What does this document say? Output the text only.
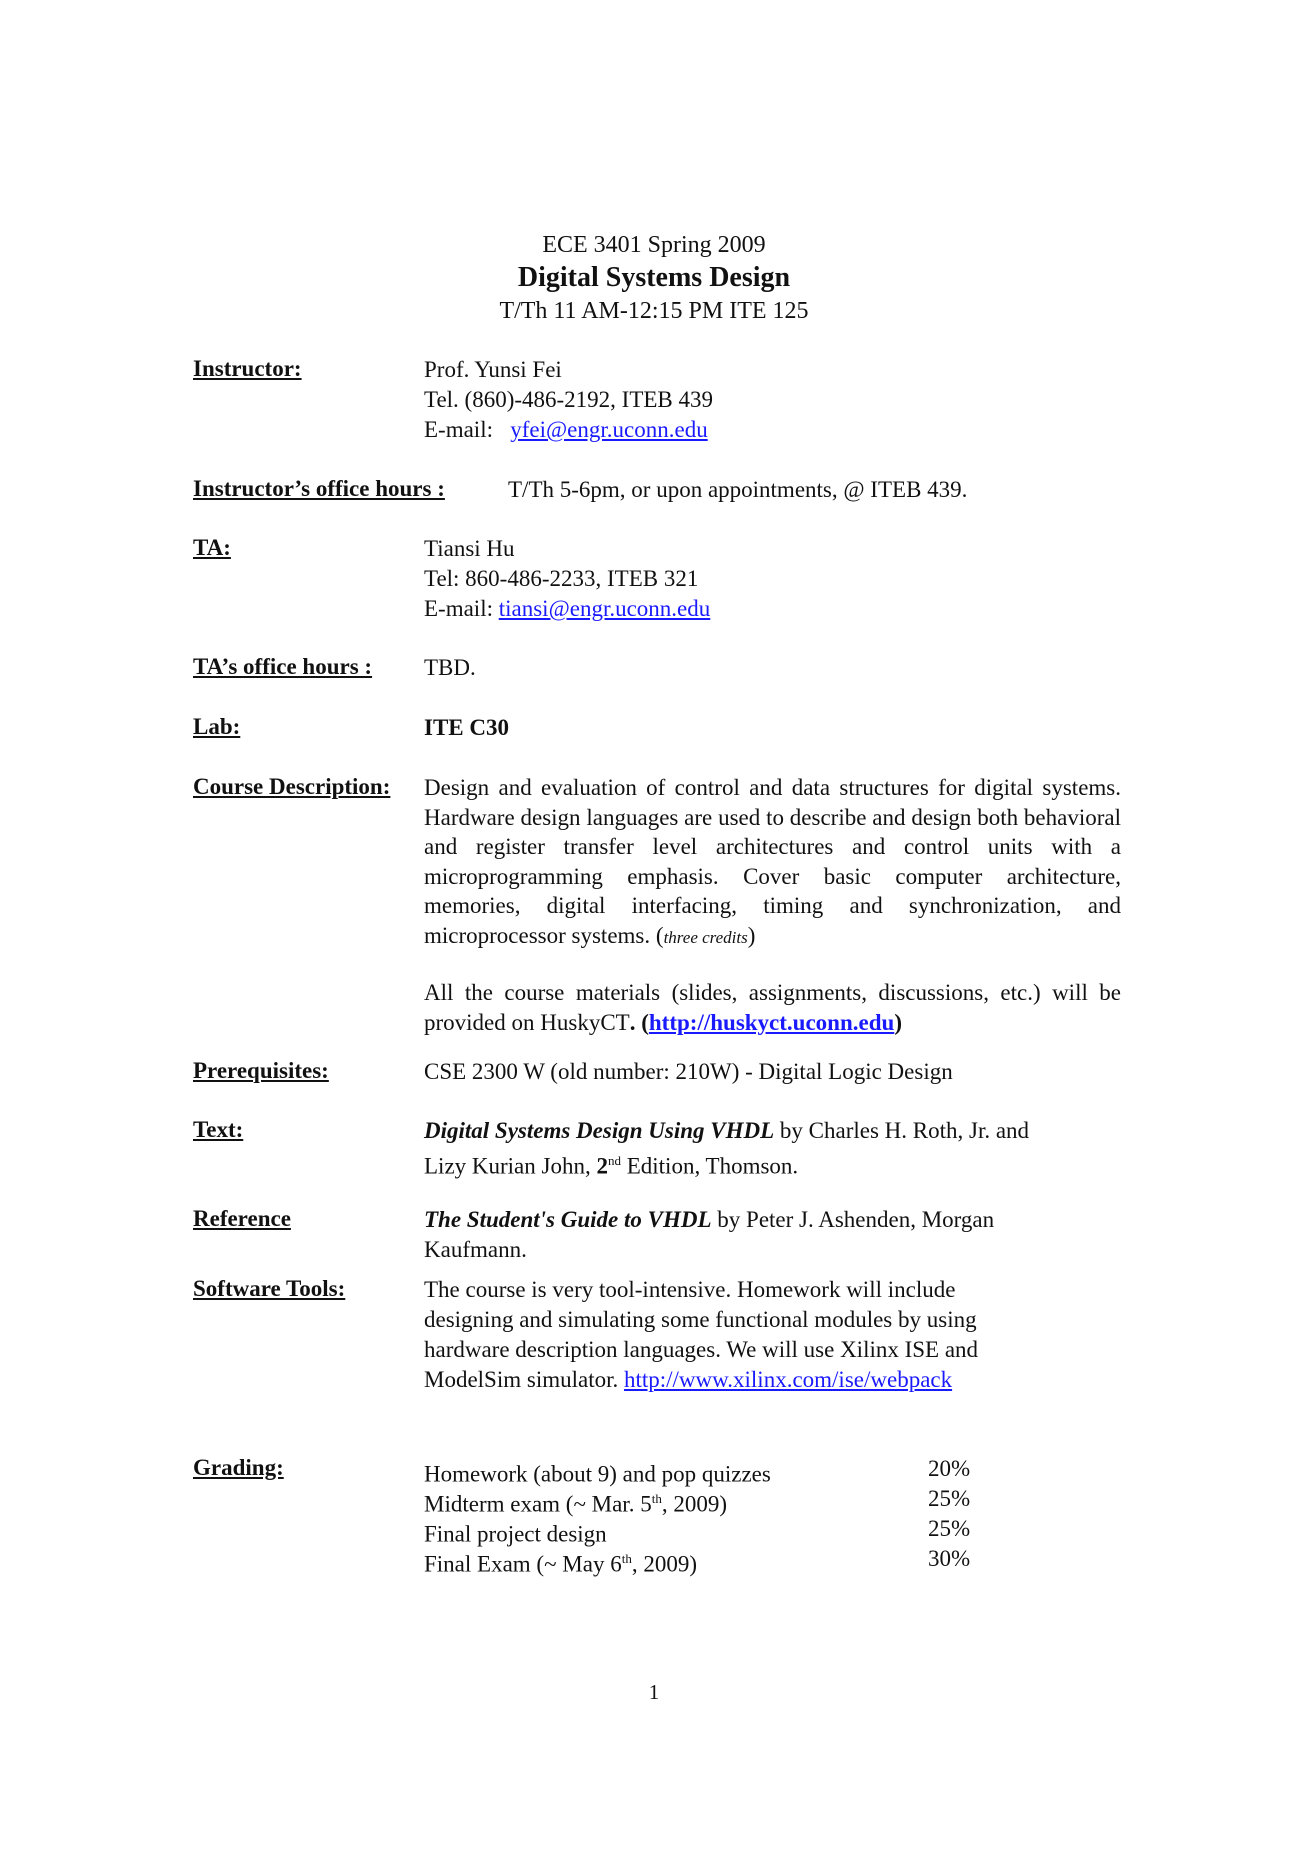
ECE 3401 Spring 2009
Digital Systems Design
T/Th 11 AM-12:15 PM ITE 125
Instructor:	Prof. Yunsi Fei
Tel. (860)-486-2192, ITEB 439
E-mail: yfei@engr.uconn.edu
Instructor’s office hours :	T/Th 5-6pm, or upon appointments, @ ITEB 439.
TA:	Tiansi Hu
Tel: 860-486-2233, ITEB 321
E-mail: tiansi@engr.uconn.edu
TA’s office hours : TBD.
Lab:	ITE C30
Course Description: Design and evaluation of control and data structures for digital systems. Hardware design languages are used to describe and design both behavioral and register transfer level architectures and control units with a microprogramming emphasis. Cover basic computer architecture, memories, digital interfacing, timing and synchronization, and microprocessor systems. (three credits)
All the course materials (slides, assignments, discussions, etc.) will be provided on HuskyCT. (http://huskyct.uconn.edu)
Prerequisites:	CSE 2300 W (old number: 210W) - Digital Logic Design
Text:	Digital Systems Design Using VHDL by Charles H. Roth, Jr. and
Lizy Kurian John, 2nd Edition, Thomson.
Reference	The Student's Guide to VHDL by Peter J. Ashenden, Morgan
Kaufmann.
Software Tools:	The course is very tool-intensive. Homework will include
designing and simulating some functional modules by using
hardware description languages. We will use Xilinx ISE and
ModelSim simulator. http://www.xilinx.com/ise/webpack
Grading:	Homework (about 9) and pop quizzes	20%
Midterm exam (~ Mar. 5th, 2009)	25%
Final project design	25%
Final Exam (~ May 6th, 2009)	30%
1
